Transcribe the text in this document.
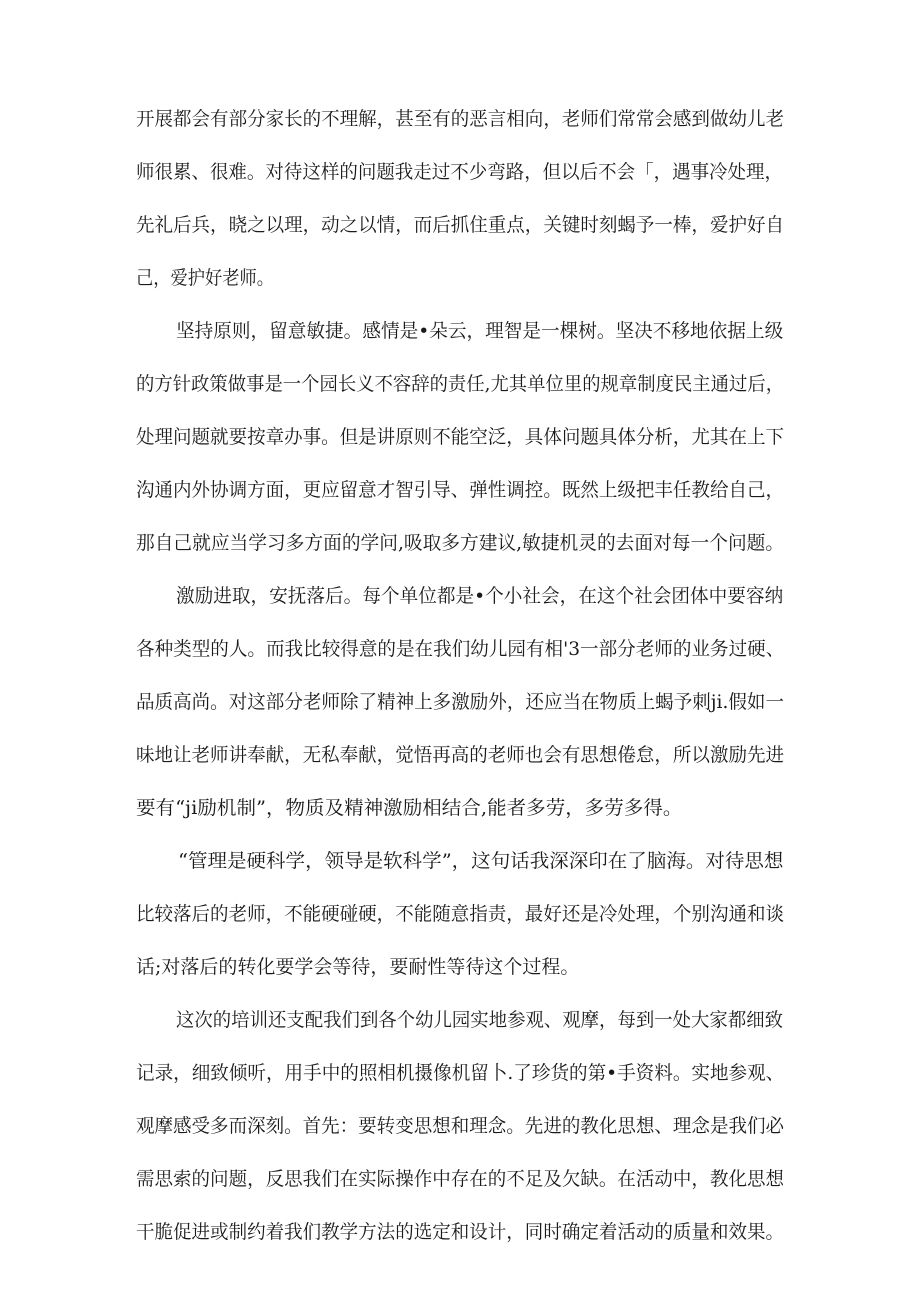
开展都会有部分家长的不理解，甚至有的恶言相向，老师们常常会感到做幼儿老
师很累、很难。对待这样的问题我走过不少弯路，但以后不会「，遇事冷处理，
先礼后兵，晓之以理，动之以情，而后抓住重点，关键时刻蝎予一棒，爱护好自
己，爱护好老师。
坚持原则，留意敏捷。感情是•朵云，理智是一棵树。坚决不移地依据上级
的方针政策做事是一个园长义不容辞的责任,尤其单位里的规章制度民主通过后，
处理问题就要按章办事。但是讲原则不能空泛，具体问题具体分析，尤其在上下
沟通内外协调方面，更应留意才智引导、弹性调控。既然上级把丰任教给自己，
那自己就应当学习多方面的学问,吸取多方建议,敏捷机灵的去面对每一个问题。
激励进取，安抚落后。每个单位都是•个小社会，在这个社会团体中要容纳
各种类型的人。而我比较得意的是在我们幼儿园有相'3一部分老师的业务过硬、
品质高尚。对这部分老师除了精神上多激励外，还应当在物质上蝎予刺ji.假如一
味地让老师讲奉献，无私奉献，觉悟再高的老师也会有思想倦怠，所以激励先进
要有“ji励机制”，物质及精神激励相结合,能者多劳，多劳多得。
“管理是硬科学，领导是软科学”，这句话我深深印在了脑海。对待思想
比较落后的老师，不能硬碰硬，不能随意指责，最好还是冷处理，个别沟通和谈
话;对落后的转化要学会等待，要耐性等待这个过程。
这次的培训还支配我们到各个幼儿园实地参观、观摩，每到一处大家都细致
记录，细致倾听，用手中的照相机摄像机留卜.了珍货的第•手资料。实地参观、
观摩感受多而深刻。首先：要转变思想和理念。先进的教化思想、理念是我们必
需思索的问题，反思我们在实际操作中存在的不足及欠缺。在活动中，教化思想
干脆促进或制约着我们教学方法的选定和设计，同时确定着活动的质量和效果。
